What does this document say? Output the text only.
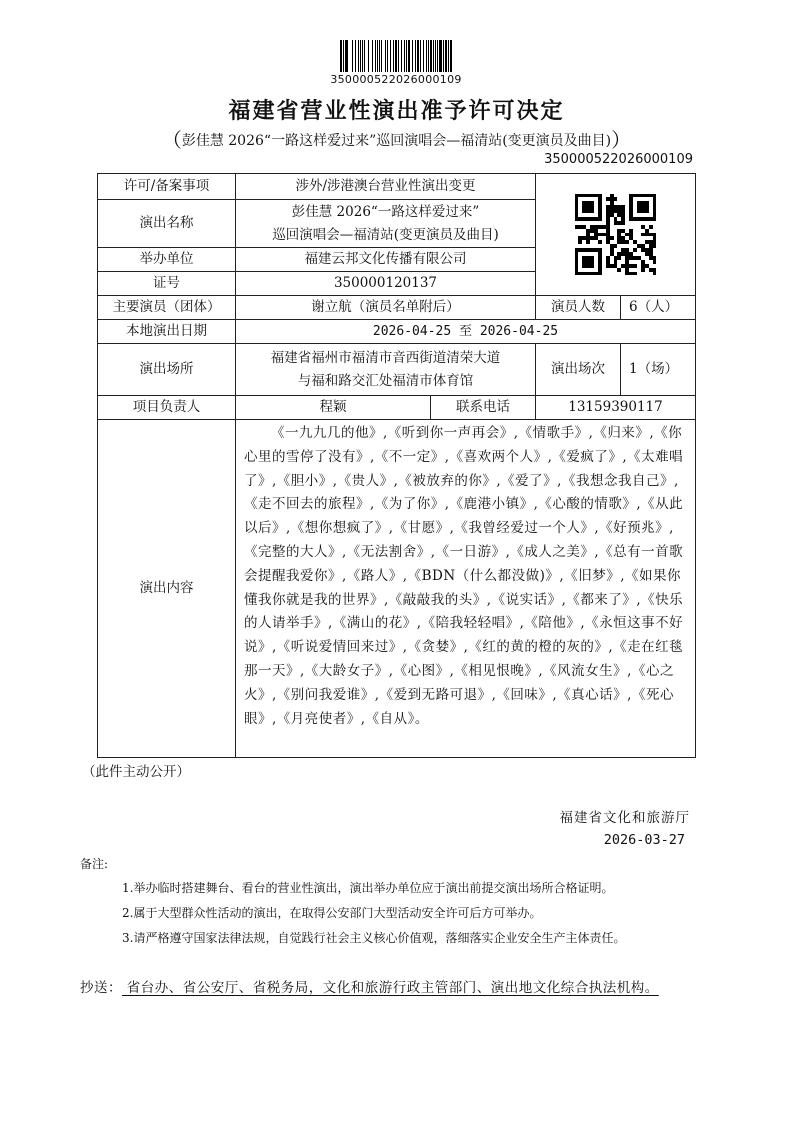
350000522026000109
福建省营业性演出准予许可决定
（彭佳慧 2026“一路这样爱过来”巡回演唱会—福清站(变更演员及曲目)）
350000522026000109
许可/备案事项	涉外/涉港澳台营业性演出变更			

演出名称	彭佳慧 2026“一路这样爱过来”
巡回演唱会—福清站(变更演员及曲目)			

举办单位	福建云邦文化传播有限公司			
证号	350000120137			
主要演员（团体）	谢立航（演员名单附后）		演员人数	6（人）
本地演出日期	2026-04-25 至 2026-04-25			
演出场所	福建省福州市福清市音西街道清荣大道
与福和路交汇处福清市体育馆		演出场次	1（场）
项目负责人	程颖	联系电话	13159390117	
演出内容	《一九九几的他》,《听到你一声再会》,《情歌手》,《归来》,《你心里的雪停了没有》,《不一定》,《喜欢两个人》,《爱疯了》,《太难唱了》,《胆小》,《贵人》,《被放弃的你》,《爱了》,《我想念我自己》,《走不回去的旅程》,《为了你》,《鹿港小镇》,《心酸的情歌》,《从此以后》,《想你想疯了》,《甘愿》,《我曾经爱过一个人》,《好预兆》,《完整的大人》,《无法割舍》,《一日游》,《成人之美》,《总有一首歌会提醒我爱你》,《路人》,《BDN（什么都没做)》,《旧梦》,《如果你懂我你就是我的世界》,《敲敲我的头》,《说实话》,《都来了》,《快乐的人请举手》,《满山的花》,《陪我轻轻唱》,《陪他》,《永恒这事不好说》,《听说爱情回来过》,《贪婪》,《红的黄的橙的灰的》,《走在红毯那一天》,《大龄女子》,《心图》,《相见恨晚》,《风流女生》,《心之火》,《别问我爱谁》,《爱到无路可退》,《回味》,《真心话》,《死心眼》,《月亮使者》,《自从》。			
（此件主动公开）
福建省文化和旅游厅
2026-03-27
备注:
1.举办临时搭建舞台、看台的营业性演出，演出举办单位应于演出前提交演出场所合格证明。
2.属于大型群众性活动的演出，在取得公安部门大型活动安全许可后方可举办。
3.请严格遵守国家法律法规，自觉践行社会主义核心价值观，落细落实企业安全生产主体责任。
抄送： 省台办、省公安厅、省税务局，文化和旅游行政主管部门、演出地文化综合执法机构。
